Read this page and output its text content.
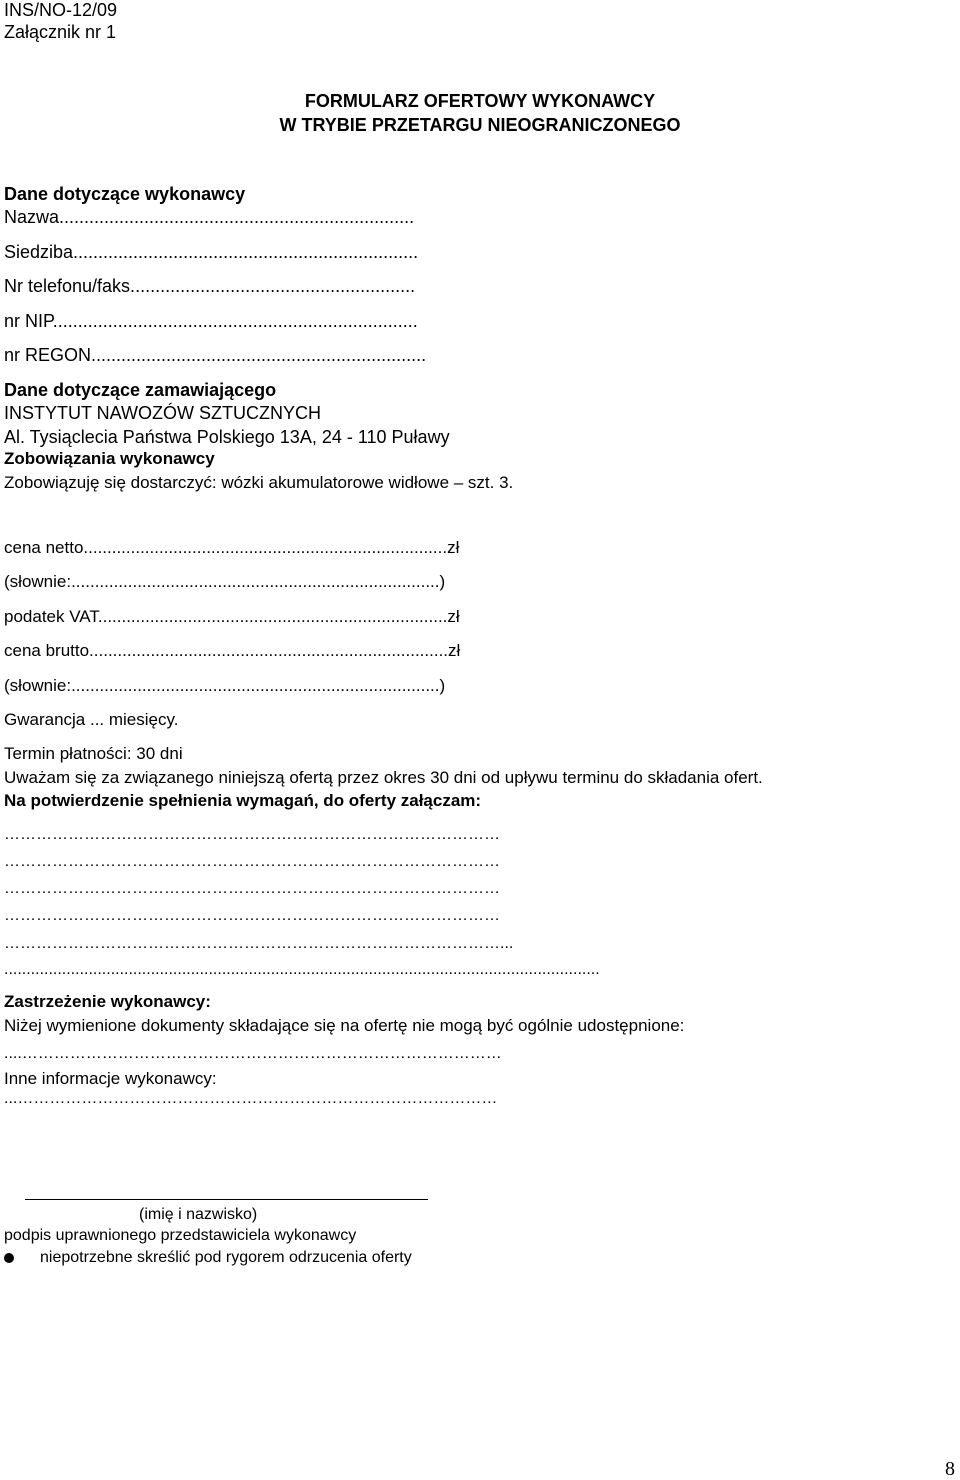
INS/NO-12/09
Załącznik nr 1
FORMULARZ OFERTOWY WYKONAWCY
W TRYBIE PRZETARGU NIEOGRANICZONEGO
Dane dotyczące wykonawcy
Nazwa.......................................................................
Siedziba.....................................................................
Nr telefonu/faks.........................................................
nr NIP.........................................................................
nr REGON...................................................................
Dane dotyczące zamawiającego
INSTYTUT NAWOZÓW SZTUCZNYCH
Al. Tysiąclecia Państwa Polskiego 13A, 24 - 110 Puławy
Zobowiązania wykonawcy
Zobowiązuję się dostarczyć: wózki akumulatorowe widłowe – szt. 3.
cena netto.............................................................................zł
(słownie:..............................................................................)
podatek VAT..........................................................................zł
cena brutto............................................................................zł
(słownie:..............................................................................)
Gwarancja ... miesięcy.
Termin płatności: 30 dni
Uważam się za związanego niniejszą ofertą przez okres 30 dni od upływu terminu do składania ofert.
Na potwierdzenie spełnienia wymagań, do oferty załączam:
…………………………………………………………………………………
…………………………………………………………………………………
…………………………………………………………………………………
…………………………………………………………………………………
…………………………………………………………………………………...
......................................................................................................................................
Zastrzeżenie wykonawcy:
Niżej wymienione dokumenty składające się na ofertę nie mogą być ogólnie udostępnione:
....………………………………………………………………………………
Inne informacje wykonawcy:
...………………………………………………………………………………
(imię i nazwisko)
podpis uprawnionego przedstawiciela wykonawcy
niepotrzebne skreślić pod rygorem odrzucenia oferty
8
